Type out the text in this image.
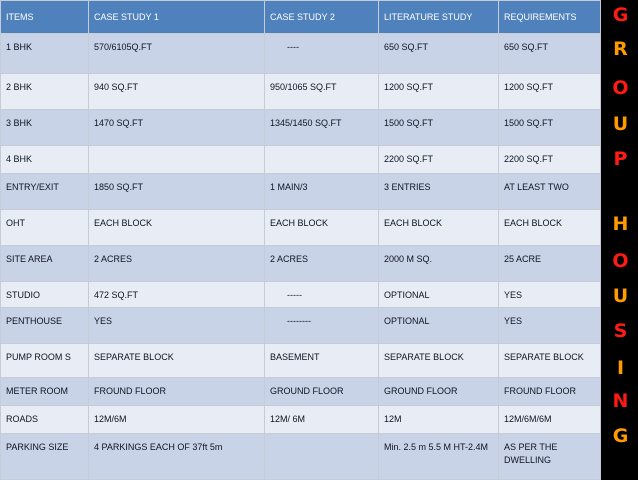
ITEMS	CASE STUDY 1	CASE STUDY 2	LITERATURE STUDY	REQUIREMENTS
1 BHK	570/6105Q.FT	----	650 SQ.FT	650 SQ.FT
2 BHK	940 SQ.FT	950/1065 SQ.FT	1200 SQ.FT	1200 SQ.FT
3 BHK	1470 SQ.FT	1345/1450 SQ.FT	1500 SQ.FT	1500 SQ.FT
4 BHK			2200 SQ.FT	2200 SQ.FT
ENTRY/EXIT	1850 SQ.FT	1 MAIN/3	3 ENTRIES	AT LEAST TWO
OHT	EACH BLOCK	EACH BLOCK	EACH BLOCK	EACH BLOCK
SITE AREA	2 ACRES	2 ACRES	2000 M SQ.	25 ACRE
STUDIO	472 SQ.FT	-----	OPTIONAL	YES
PENTHOUSE	YES	--------	OPTIONAL	YES
PUMP ROOM S	SEPARATE BLOCK	BASEMENT	SEPARATE BLOCK	SEPARATE BLOCK
METER ROOM	FROUND FLOOR	GROUND FLOOR	GROUND FLOOR	FROUND FLOOR
ROADS	12M/6M	12M/ 6M	12M	12M/6M/6M
PARKING SIZE	4 PARKINGS EACH OF 37ft 5m		Min. 2.5 m 5.5 M HT-2.4M	AS PER THE DWELLING
G
R
O
U
P
H
O
U
S
I
N
G
